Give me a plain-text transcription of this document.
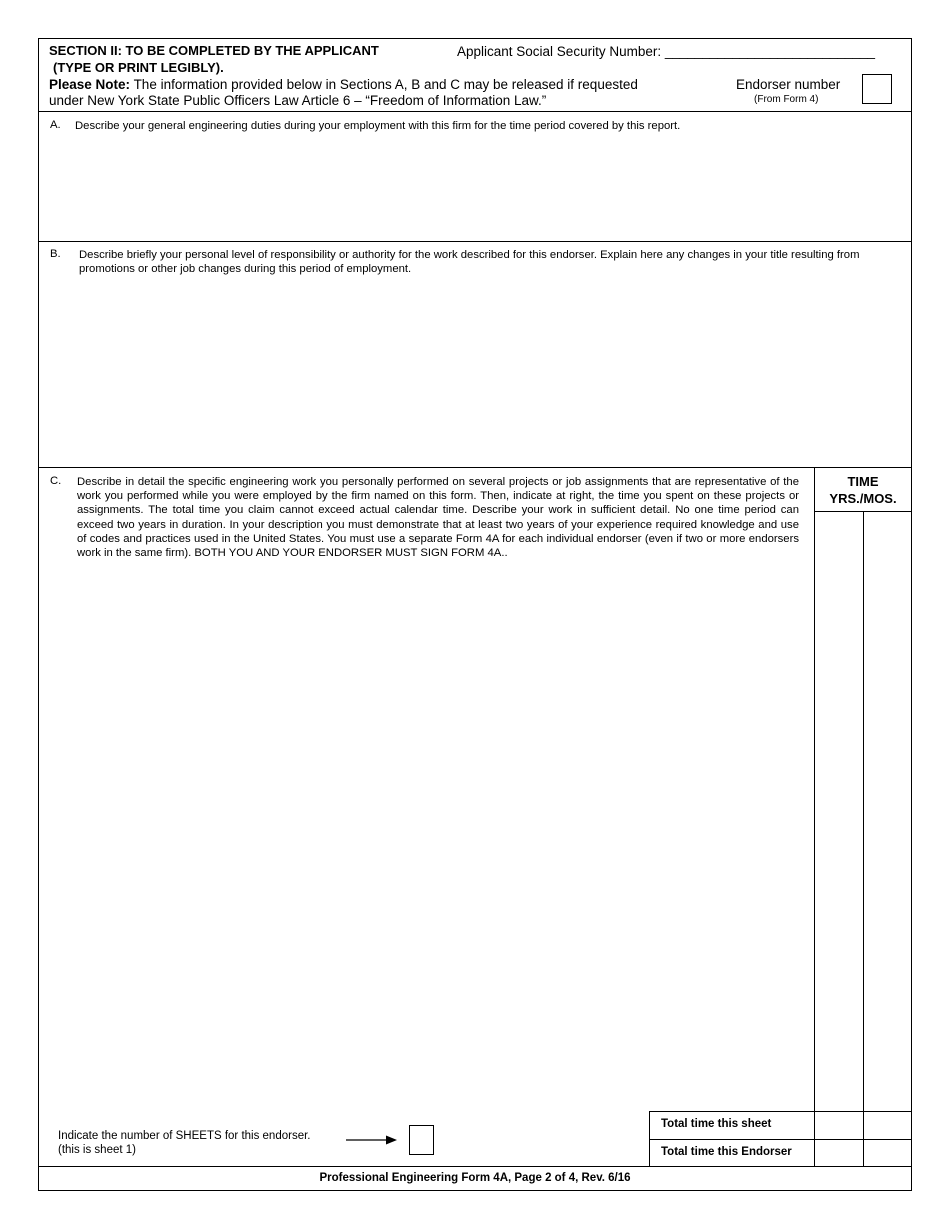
SECTION II: TO BE COMPLETED BY THE APPLICANT
(TYPE OR PRINT LEGIBLY).
Applicant Social Security Number: ____________________________
Please Note: The information provided below in Sections A, B and C may be released if requested
under New York State Public Officers Law Article 6 – “Freedom of Information Law.”
Endorser number
(From Form 4)
A. Describe your general engineering duties during your employment with this firm for the time period covered by this report.
B. Describe briefly your personal level of responsibility or authority for the work described for this endorser. Explain here any changes in your title resulting from promotions or other job changes during this period of employment.
C. Describe in detail the specific engineering work you personally performed on several projects or job assignments that are representative of the work you performed while you were employed by the firm named on this form. Then, indicate at right, the time you spent on these projects or assignments. The total time you claim cannot exceed actual calendar time. Describe your work in sufficient detail. No one time period can exceed two years in duration. In your description you must demonstrate that at least two years of your experience required knowledge and use of codes and practices used in the United States. You must use a separate Form 4A for each individual endorser (even if two or more endorsers work in the same firm). BOTH YOU AND YOUR ENDORSER MUST SIGN FORM 4A..
TIME
YRS./MOS.
Total time this sheet
Total time this Endorser
Indicate the number of SHEETS for this endorser.
(this is sheet 1)
Professional Engineering Form 4A, Page 2 of 4, Rev. 6/16
